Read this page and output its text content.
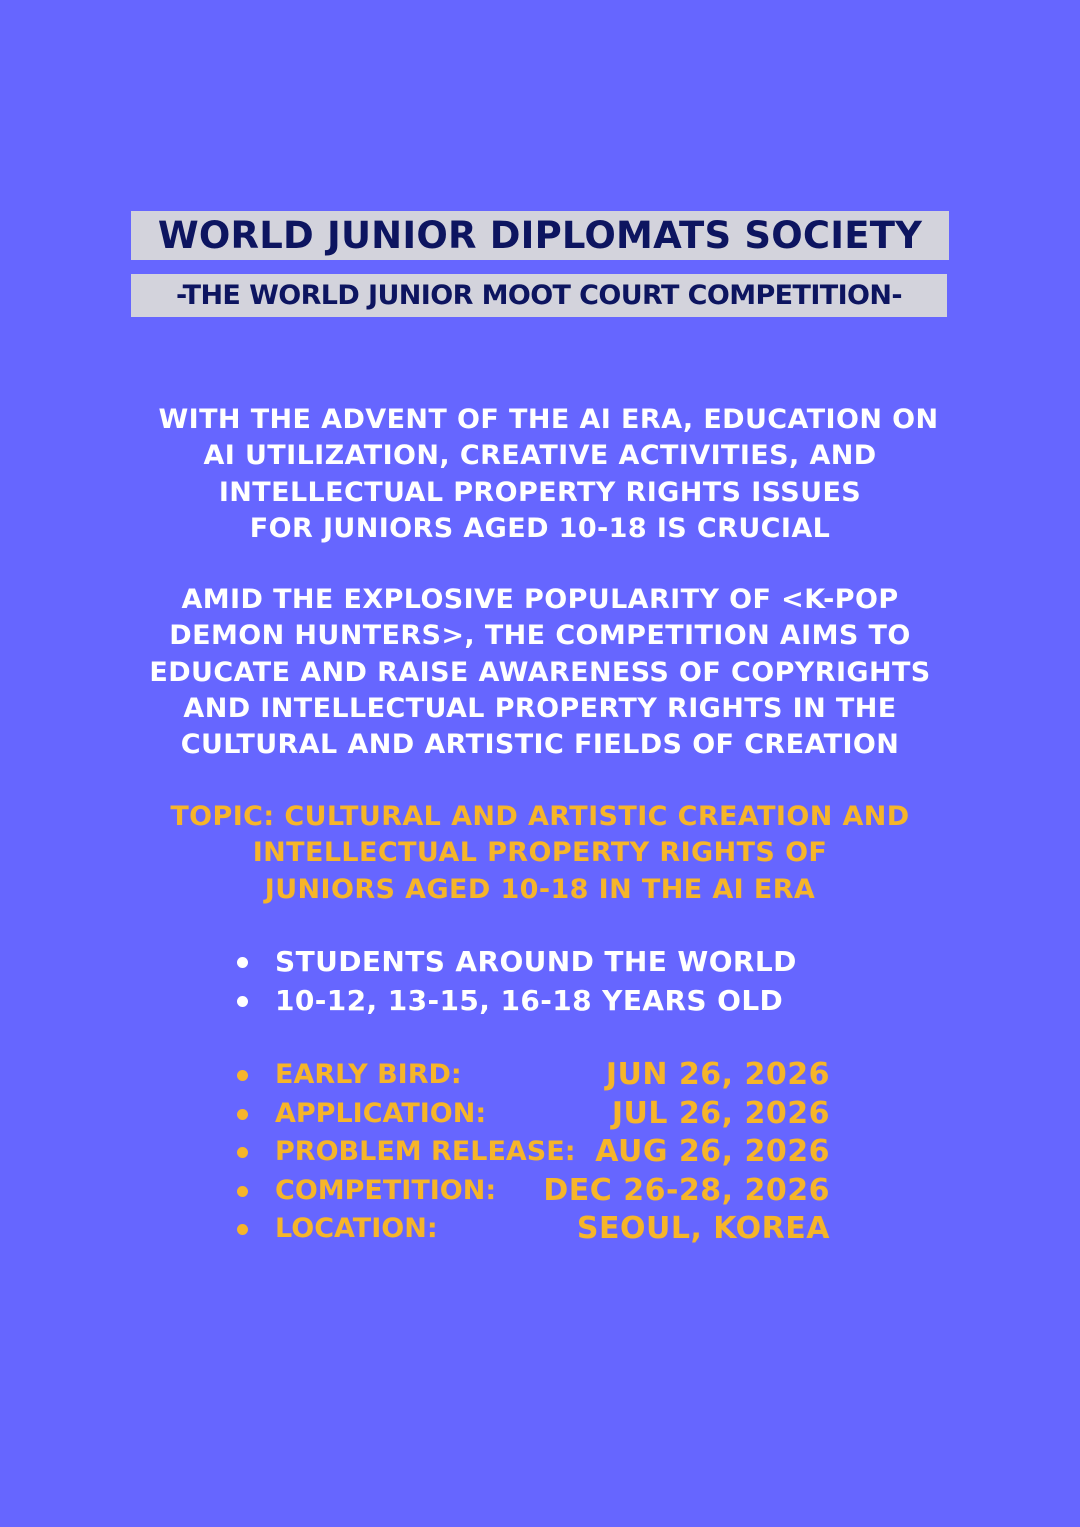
WORLD JUNIOR DIPLOMATS SOCIETY
-THE WORLD JUNIOR MOOT COURT COMPETITION-
WITH THE ADVENT OF THE AI ERA, EDUCATION ON
AI UTILIZATION, CREATIVE ACTIVITIES, AND
INTELLECTUAL PROPERTY RIGHTS ISSUES
FOR JUNIORS AGED 10-18 IS CRUCIAL
AMID THE EXPLOSIVE POPULARITY OF <K-POP
DEMON HUNTERS>, THE COMPETITION AIMS TO
EDUCATE AND RAISE AWARENESS OF COPYRIGHTS
AND INTELLECTUAL PROPERTY RIGHTS IN THE
CULTURAL AND ARTISTIC FIELDS OF CREATION
TOPIC: CULTURAL AND ARTISTIC CREATION AND
INTELLECTUAL PROPERTY RIGHTS OF
JUNIORS AGED 10-18 IN THE AI ERA
STUDENTS AROUND THE WORLD
10-12, 13-15, 16-18 YEARS OLD
EARLY BIRD:	JUN 26, 2026
APPLICATION:	JUL 26, 2026
PROBLEM RELEASE: AUG 26, 2026
COMPETITION: DEC 26-28, 2026
LOCATION:	SEOUL, KOREA
